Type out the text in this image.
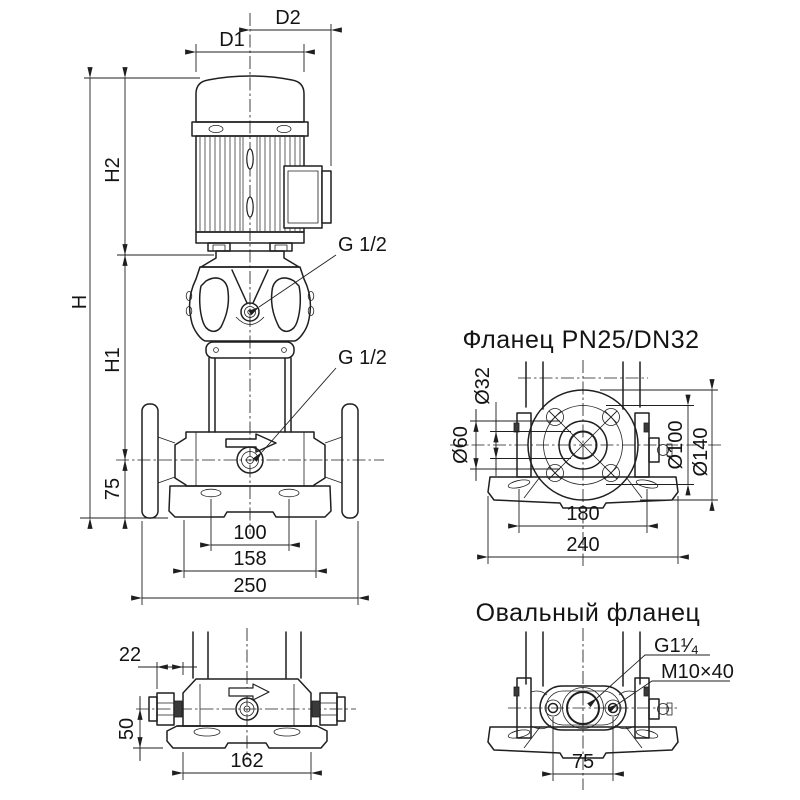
D1
D2
H
H2
H1
75
100
158
250
G 1/2
G 1/2
Фланец PN25/DN32
Ø32
Ø60	Ø100 Ø140
180
240
22
50
162
Овальный фланец
G1¹⁄₄
M10×40
75
